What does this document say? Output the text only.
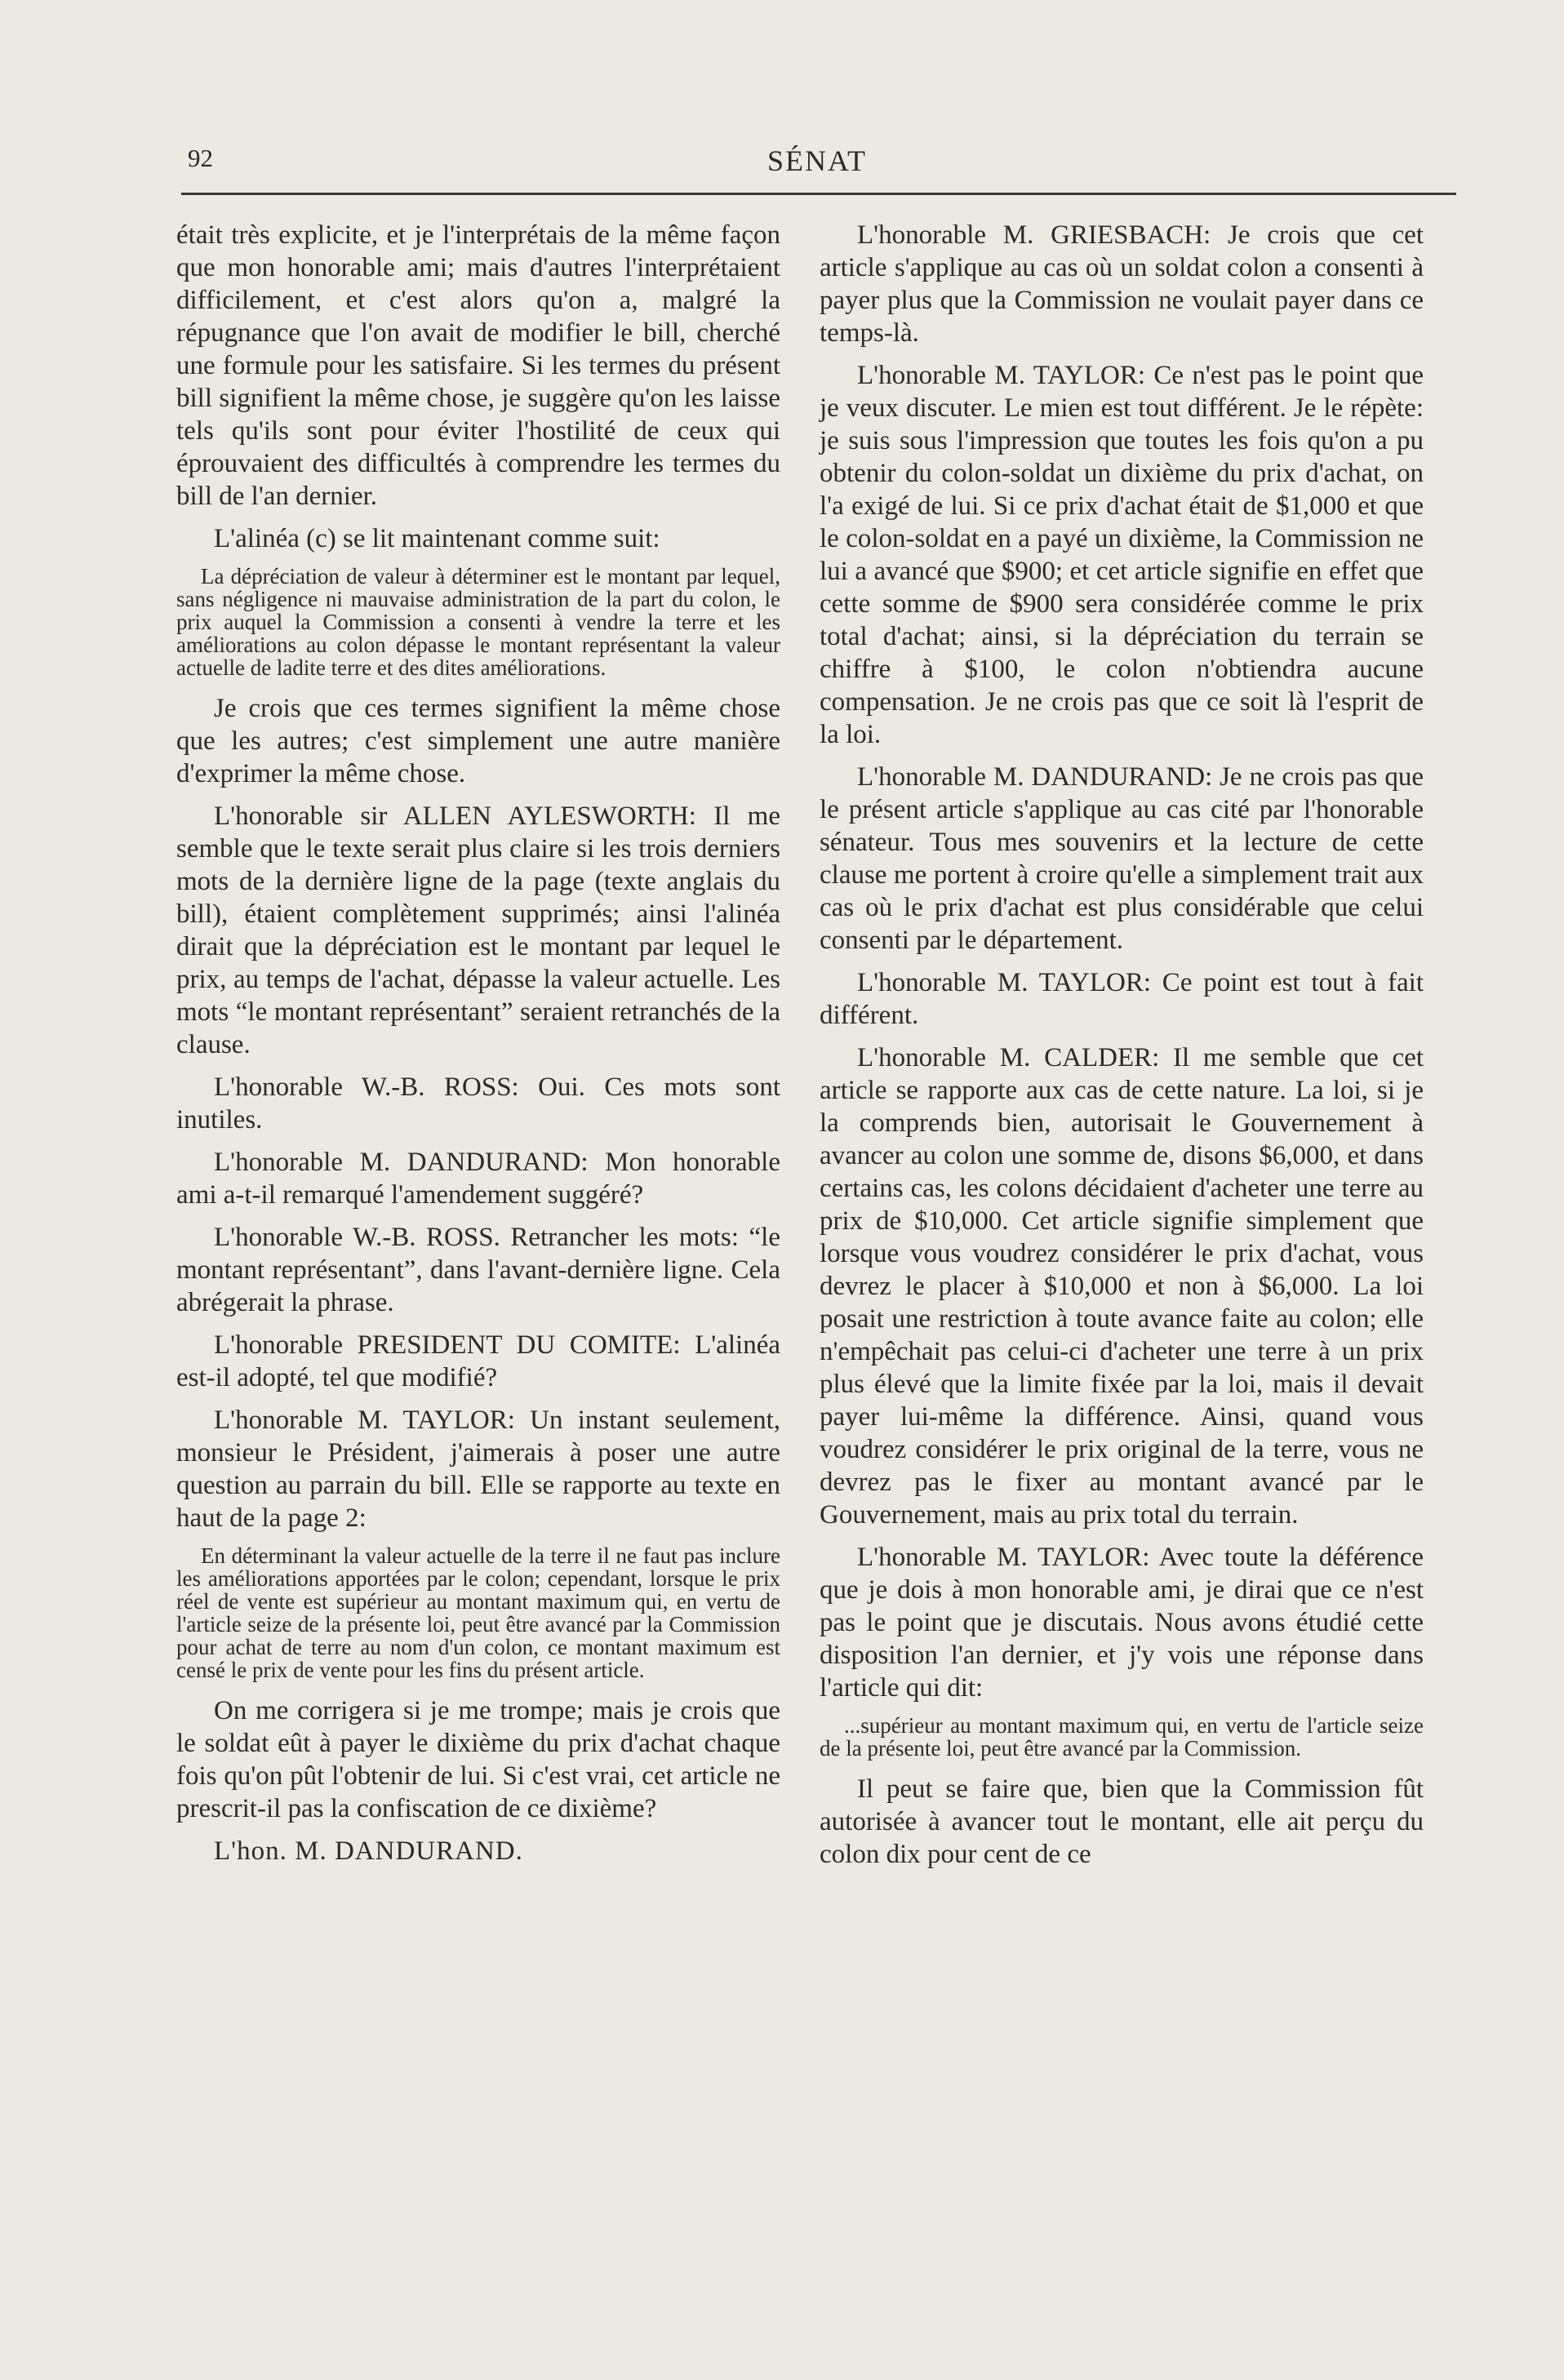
92	SÉNAT

était très explicite, et je l'interprétais de la même façon que mon honorable ami; mais d'autres l'interprétaient difficilement, et c'est alors qu'on a, malgré la répugnance que l'on avait de modifier le bill, cherché une formule pour les satisfaire. Si les termes du présent bill signifient la même chose, je suggère qu'on les laisse tels qu'ils sont pour éviter l'hostilité de ceux qui éprouvaient des difficultés à comprendre les termes du bill de l'an dernier.

L'alinéa (c) se lit maintenant comme suit:

La dépréciation de valeur à déterminer est le montant par lequel, sans négligence ni mauvaise administration de la part du colon, le prix auquel la Commission a consenti à vendre la terre et les améliorations au colon dépasse le montant représentant la valeur actuelle de ladite terre et des dites améliorations.

Je crois que ces termes signifient la même chose que les autres; c'est simplement une autre manière d'exprimer la même chose.

L'honorable sir ALLEN AYLESWORTH: Il me semble que le texte serait plus claire si les trois derniers mots de la dernière ligne de la page (texte anglais du bill), étaient complètement supprimés; ainsi l'alinéa dirait que la dépréciation est le montant par lequel le prix, au temps de l'achat, dépasse la valeur actuelle. Les mots “le montant représentant” seraient retranchés de la clause.

L'honorable W.-B. ROSS: Oui. Ces mots sont inutiles.

L'honorable M. DANDURAND: Mon honorable ami a-t-il remarqué l'amendement suggéré?

L'honorable W.-B. ROSS. Retrancher les mots: “le montant représentant”, dans l'avant-dernière ligne. Cela abrégerait la phrase.

L'honorable PRESIDENT DU COMITE: L'alinéa est-il adopté, tel que modifié?

L'honorable M. TAYLOR: Un instant seulement, monsieur le Président, j'aimerais à poser une autre question au parrain du bill. Elle se rapporte au texte en haut de la page 2:

En déterminant la valeur actuelle de la terre il ne faut pas inclure les améliorations apportées par le colon; cependant, lorsque le prix réel de vente est supérieur au montant maximum qui, en vertu de l'article seize de la présente loi, peut être avancé par la Commission pour achat de terre au nom d'un colon, ce montant maximum est censé le prix de vente pour les fins du présent article.

On me corrigera si je me trompe; mais je crois que le soldat eût à payer le dixième du prix d'achat chaque fois qu'on pût l'obtenir de lui. Si c'est vrai, cet article ne prescrit-il pas la confiscation de ce dixième?

L'hon. M. DANDURAND.

L'honorable M. GRIESBACH: Je crois que cet article s'applique au cas où un soldat colon a consenti à payer plus que la Commission ne voulait payer dans ce temps-là.

L'honorable M. TAYLOR: Ce n'est pas le point que je veux discuter. Le mien est tout différent. Je le répète: je suis sous l'impression que toutes les fois qu'on a pu obtenir du colon-soldat un dixième du prix d'achat, on l'a exigé de lui. Si ce prix d'achat était de $1,000 et que le colon-soldat en a payé un dixième, la Commission ne lui a avancé que $900; et cet article signifie en effet que cette somme de $900 sera considérée comme le prix total d'achat; ainsi, si la dépréciation du terrain se chiffre à $100, le colon n'obtiendra aucune compensation. Je ne crois pas que ce soit là l'esprit de la loi.

L'honorable M. DANDURAND: Je ne crois pas que le présent article s'applique au cas cité par l'honorable sénateur. Tous mes souvenirs et la lecture de cette clause me portent à croire qu'elle a simplement trait aux cas où le prix d'achat est plus considérable que celui consenti par le département.

L'honorable M. TAYLOR: Ce point est tout à fait différent.

L'honorable M. CALDER: Il me semble que cet article se rapporte aux cas de cette nature. La loi, si je la comprends bien, autorisait le Gouvernement à avancer au colon une somme de, disons $6,000, et dans certains cas, les colons décidaient d'acheter une terre au prix de $10,000. Cet article signifie simplement que lorsque vous voudrez considérer le prix d'achat, vous devrez le placer à $10,000 et non à $6,000. La loi posait une restriction à toute avance faite au colon; elle n'empêchait pas celui-ci d'acheter une terre à un prix plus élevé que la limite fixée par la loi, mais il devait payer lui-même la différence. Ainsi, quand vous voudrez considérer le prix original de la terre, vous ne devrez pas le fixer au montant avancé par le Gouvernement, mais au prix total du terrain.

L'honorable M. TAYLOR: Avec toute la déférence que je dois à mon honorable ami, je dirai que ce n'est pas le point que je discutais. Nous avons étudié cette disposition l'an dernier, et j'y vois une réponse dans l'article qui dit:

...supérieur au montant maximum qui, en vertu de l'article seize de la présente loi, peut être avancé par la Commission.

Il peut se faire que, bien que la Commission fût autorisée à avancer tout le montant, elle ait perçu du colon dix pour cent de ce
